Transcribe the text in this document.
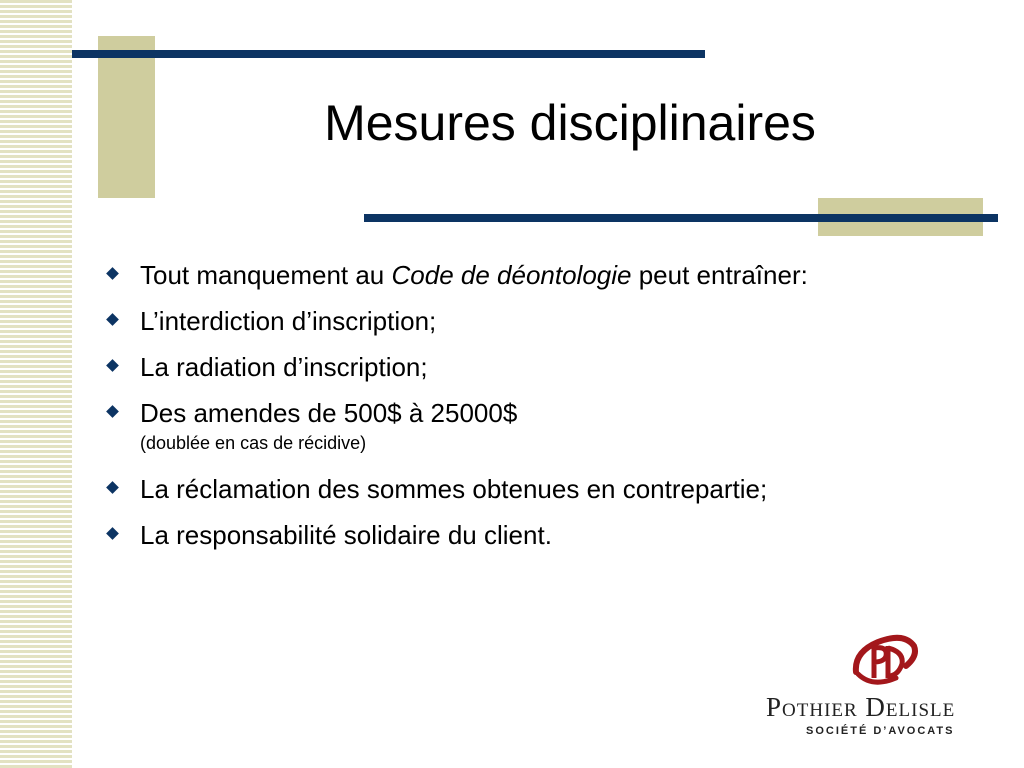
Mesures disciplinaires
Tout manquement au Code de déontologie peut entraîner:
L’interdiction d’inscription;
La radiation d’inscription;
Des amendes de 500$ à 25000$
(doublée en cas de récidive)
La réclamation des sommes obtenues en contrepartie;
La responsabilité solidaire du client.
Pothier Delisle
SOCIÉTÉ D’AVOCATS
